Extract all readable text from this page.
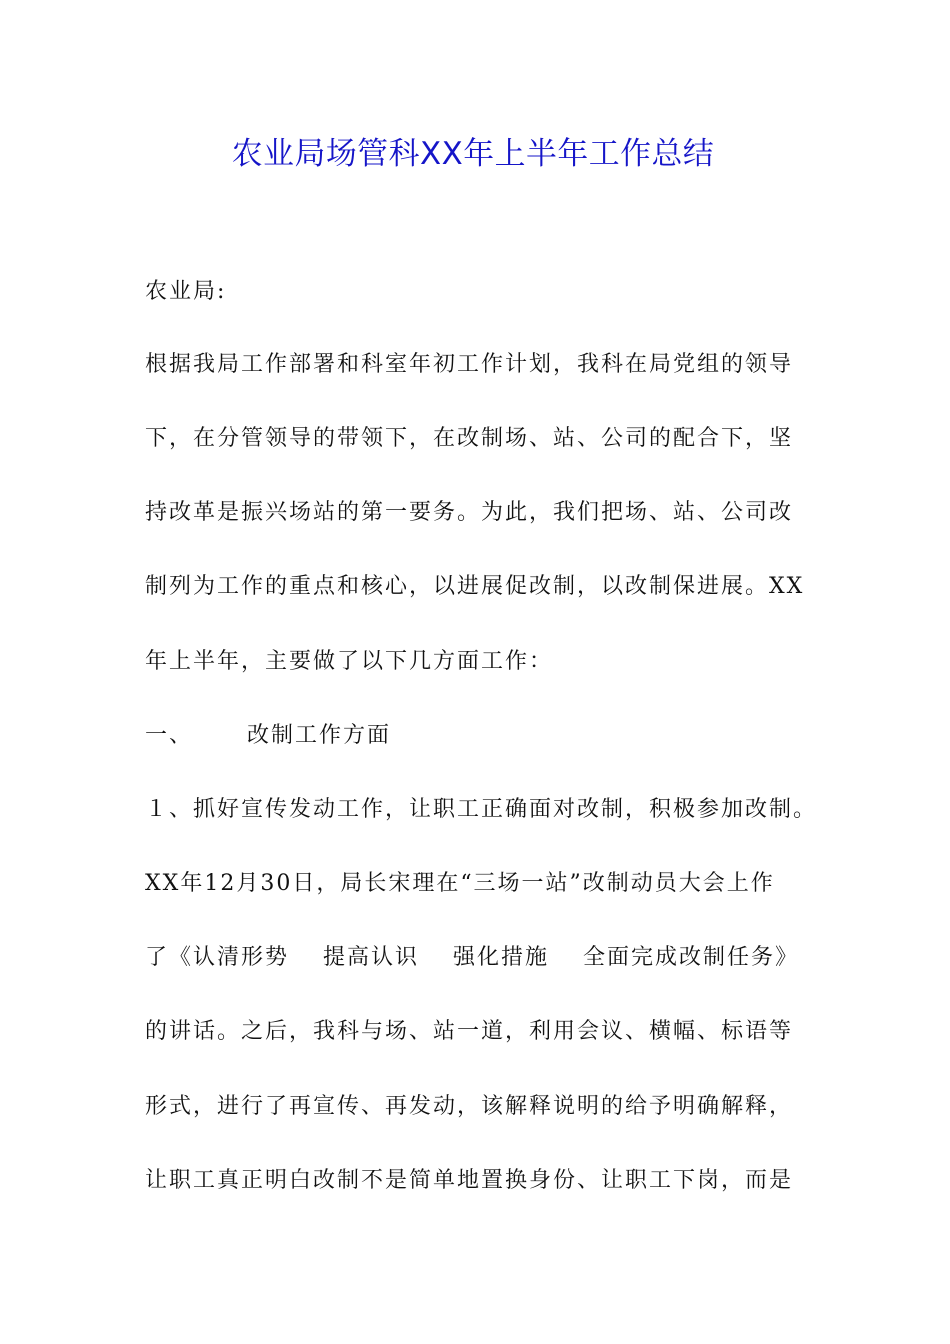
农业局场管科XX年上半年工作总结
农业局:
根据我局工作部署和科室年初工作计划，我科在局党组的领导
下，在分管领导的带领下，在改制场、站、公司的配合下，坚
持改革是振兴场站的第一要务。为此，我们把场、站、公司改
制列为工作的重点和核心，以进展促改制，以改制保进展。XX
年上半年，主要做了以下几方面工作：
一、 改制工作方面
１、抓好宣传发动工作，让职工正确面对改制，积极参加改制。
XX年12月30日，局长宋理在“三场一站”改制动员大会上作
了《认清形势 提高认识 强化措施 全面完成改制任务》
的讲话。之后，我科与场、站一道，利用会议、横幅、标语等
形式，进行了再宣传、再发动，该解释说明的给予明确解释，
让职工真正明白改制不是简单地置换身份、让职工下岗，而是
